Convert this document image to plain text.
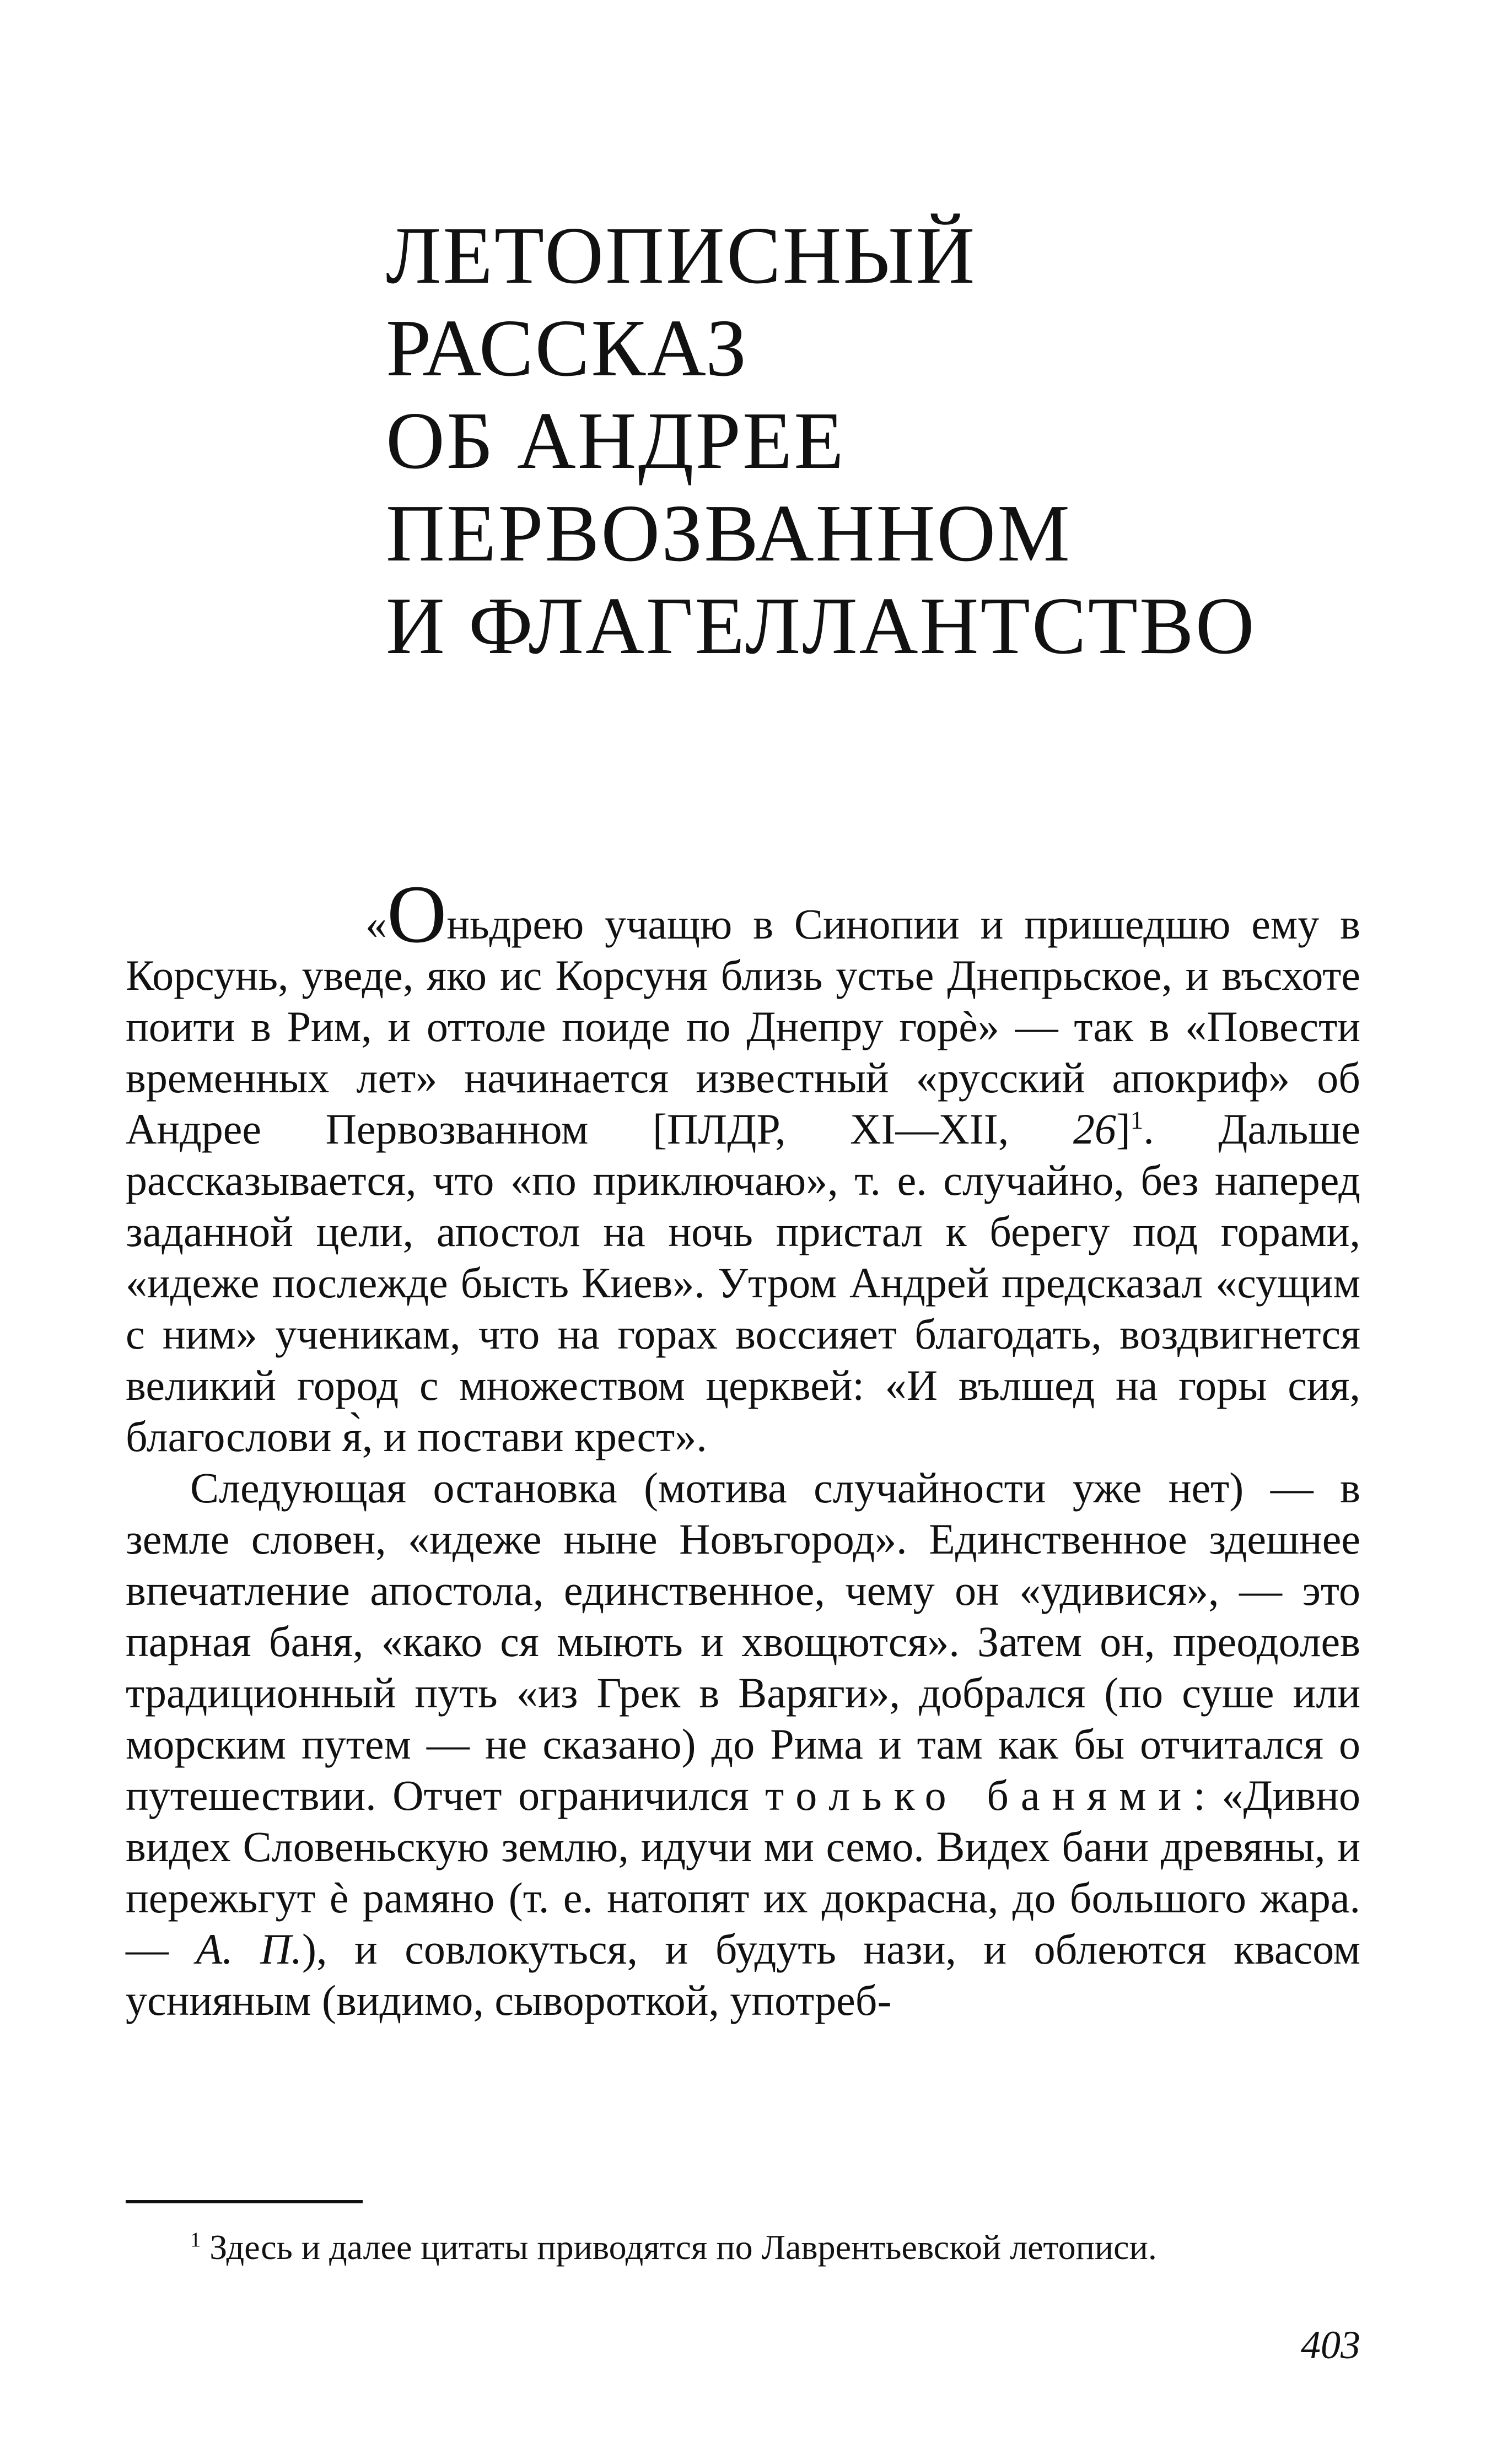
ЛЕТОПИСНЫЙ
РАССКАЗ
ОБ АНДРЕЕ
ПЕРВОЗВАННОМ
И ФЛАГЕЛЛАНТСТВО

«Оньдрею учащю в Синопии и пришедшю ему в Корсунь, уведе, яко ис Корсуня близь устье Днепрьское, и въсхоте поити в Рим, и оттоле поиде по Днепру горѐ» — так в «Повести временных лет» начинается известный «русский апокриф» об Андрее Первозванном [ПЛДР, XI—XII, 26]$^1$. Дальше рассказывается, что «по приключаю», т. е. случайно, без наперед заданной цели, апостол на ночь пристал к берегу под горами, «идеже послежде бысть Киев». Утром Андрей предсказал «сущим с ним» ученикам, что на горах воссияет благодать, воздвигнется великий город с множеством церквей: «И вълшед на горы сия, благослови я̀, и постави крест».

Следующая остановка (мотива случайности уже нет) — в земле словен, «идеже ныне Новъгород». Единственное здешнее впечатление апостола, единственное, чему он «удивися», — это парная баня, «како ся мыють и хвощются». Затем он, преодолев традиционный путь «из Грек в Варяги», добрался (по суше или морским путем — не сказано) до Рима и там как бы отчитался о путешествии. Отчет ограничился только банями: «Дивно видех Словеньскую землю, идучи ми семо. Видех бани древяны, и пережьгут ѐ рамяно (т. е. натопят их докрасна, до большого жара. — А. П.), и совлокуться, и будуть нази, и облеются квасом уснияным (видимо, сывороткой, употреб-

$^1$ Здесь и далее цитаты приводятся по Лаврентьевской летописи.

403
